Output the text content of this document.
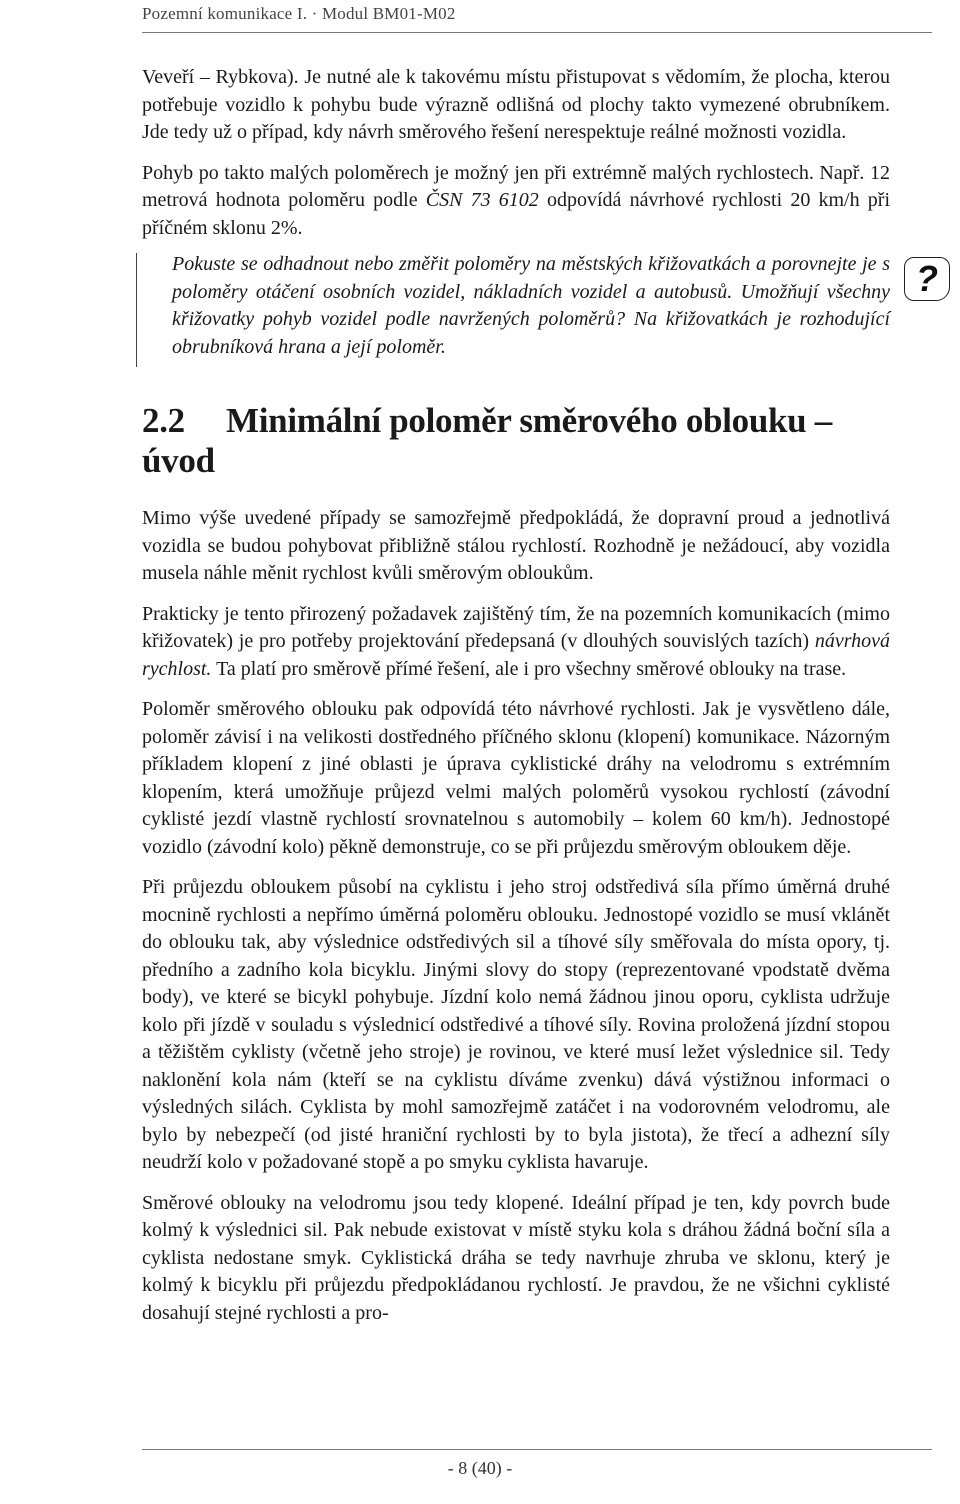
Pozemní komunikace I. · Modul BM01-M02

Veveří – Rybkova). Je nutné ale k takovému místu přistupovat s vědomím, že plocha, kterou potřebuje vozidlo k pohybu bude výrazně odlišná od plochy takto vymezené obrubníkem. Jde tedy už o případ, kdy návrh směrového řešení nerespektuje reálné možnosti vozidla.

Pohyb po takto malých poloměrech je možný jen při extrémně malých rychlostech. Např. 12 metrová hodnota poloměru podle ČSN 73 6102 odpovídá návrhové rychlosti 20 km/h při příčném sklonu 2%.

Pokuste se odhadnout nebo změřit poloměry na městských křižovatkách a porovnejte je s poloměry otáčení osobních vozidel, nákladních vozidel a autobusů. Umožňují všechny křižovatky pohyb vozidel podle navržených poloměrů? Na křižovatkách je rozhodující obrubníková hrana a její poloměr.
?
2.2 Minimální poloměr směrového oblouku – úvod

Mimo výše uvedené případy se samozřejmě předpokládá, že dopravní proud a jednotlivá vozidla se budou pohybovat přibližně stálou rychlostí. Rozhodně je nežádoucí, aby vozidla musela náhle měnit rychlost kvůli směrovým obloukům.

Prakticky je tento přirozený požadavek zajištěný tím, že na pozemních komunikacích (mimo křižovatek) je pro potřeby projektování předepsaná (v dlouhých souvislých tazích) návrhová rychlost. Ta platí pro směrově přímé řešení, ale i pro všechny směrové oblouky na trase.

Poloměr směrového oblouku pak odpovídá této návrhové rychlosti. Jak je vysvětleno dále, poloměr závisí i na velikosti dostředného příčného sklonu (klopení) komunikace. Názorným příkladem klopení z jiné oblasti je úprava cyklistické dráhy na velodromu s extrémním klopením, která umožňuje průjezd velmi malých poloměrů vysokou rychlostí (závodní cyklisté jezdí vlastně rychlostí srovnatelnou s automobily – kolem 60 km/h). Jednostopé vozidlo (závodní kolo) pěkně demonstruje, co se při průjezdu směrovým obloukem děje.

Při průjezdu obloukem působí na cyklistu i jeho stroj odstředivá síla přímo úměrná druhé mocnině rychlosti a nepřímo úměrná poloměru oblouku. Jednostopé vozidlo se musí vklánět do oblouku tak, aby výslednice odstředivých sil a tíhové síly směřovala do místa opory, tj. předního a zadního kola bicyklu. Jinými slovy do stopy (reprezentované vpodstatě dvěma body), ve které se bicykl pohybuje. Jízdní kolo nemá žádnou jinou oporu, cyklista udržuje kolo při jízdě v souladu s výslednicí odstředivé a tíhové síly. Rovina proložená jízdní stopou a těžištěm cyklisty (včetně jeho stroje) je rovinou, ve které musí ležet výslednice sil. Tedy naklonění kola nám (kteří se na cyklistu díváme zvenku) dává výstižnou informaci o výsledných silách. Cyklista by mohl samozřejmě zatáčet i na vodorovném velodromu, ale bylo by nebezpečí (od jisté hraniční rychlosti by to byla jistota), že třecí a adhezní síly neudrží kolo v požadované stopě a po smyku cyklista havaruje.

Směrové oblouky na velodromu jsou tedy klopené. Ideální případ je ten, kdy povrch bude kolmý k výslednici sil. Pak nebude existovat v místě styku kola s dráhou žádná boční síla a cyklista nedostane smyk. Cyklistická dráha se tedy navrhuje zhruba ve sklonu, který je kolmý k bicyklu při průjezdu předpokládanou rychlostí. Je pravdou, že ne všichni cyklisté dosahují stejné rychlosti a pro-

- 8 (40) -
